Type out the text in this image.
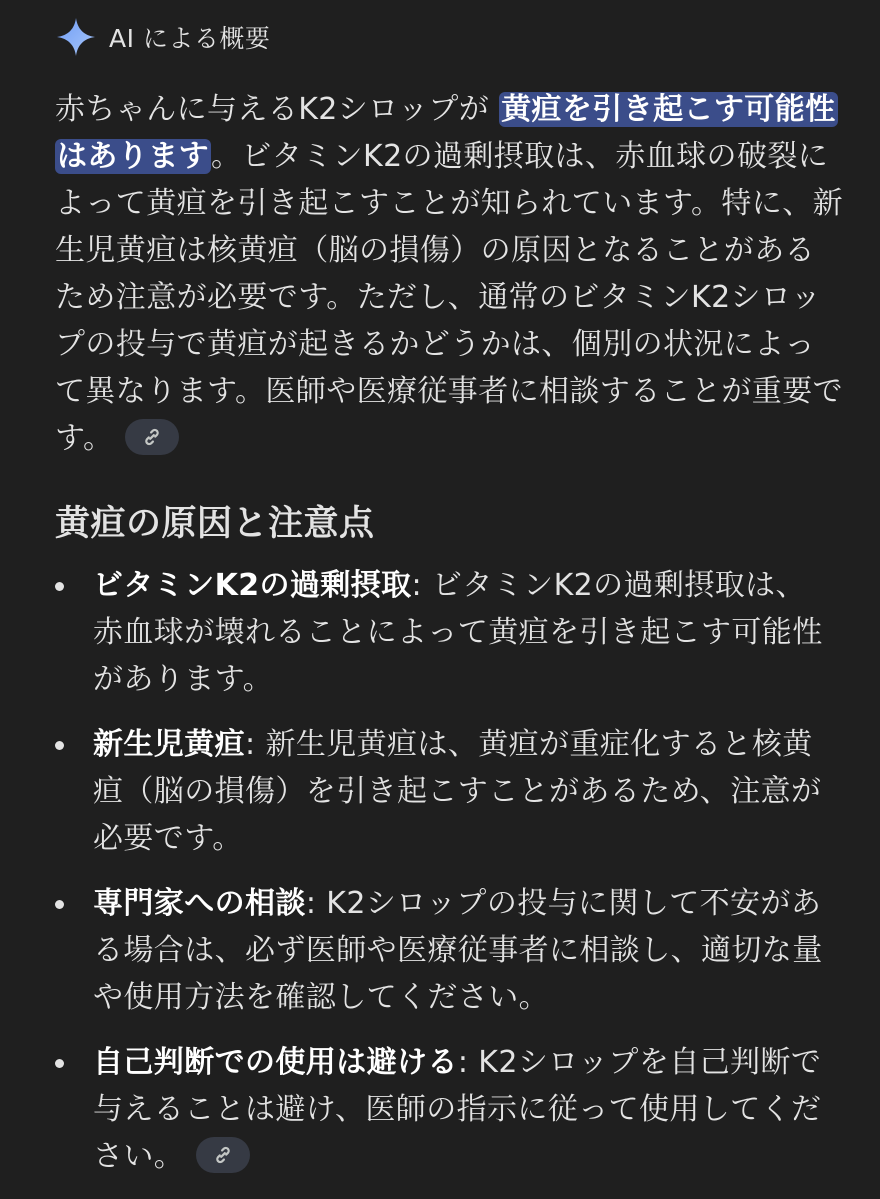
AI による概要
赤ちゃんに与えるK2シロップが 黄疸を引き起こす可能性はあります。ビタミンK2の過剰摂取は、赤血球の破裂によって黄疸を引き起こすことが知られています。特に、新生児黄疸は核黄疸（脳の損傷）の原因となることがあるため注意が必要です。ただし、通常のビタミンK2シロップの投与で黄疸が起きるかどうかは、個別の状況によって異なります。医師や医療従事者に相談することが重要です。
黄疸の原因と注意点
ビタミンK2の過剰摂取: ビタミンK2の過剰摂取は、赤血球が壊れることによって黄疸を引き起こす可能性があります。
新生児黄疸: 新生児黄疸は、黄疸が重症化すると核黄疸（脳の損傷）を引き起こすことがあるため、注意が必要です。
専門家への相談: K2シロップの投与に関して不安がある場合は、必ず医師や医療従事者に相談し、適切な量や使用方法を確認してください。
自己判断での使用は避ける: K2シロップを自己判断で与えることは避け、医師の指示に従って使用してください。
